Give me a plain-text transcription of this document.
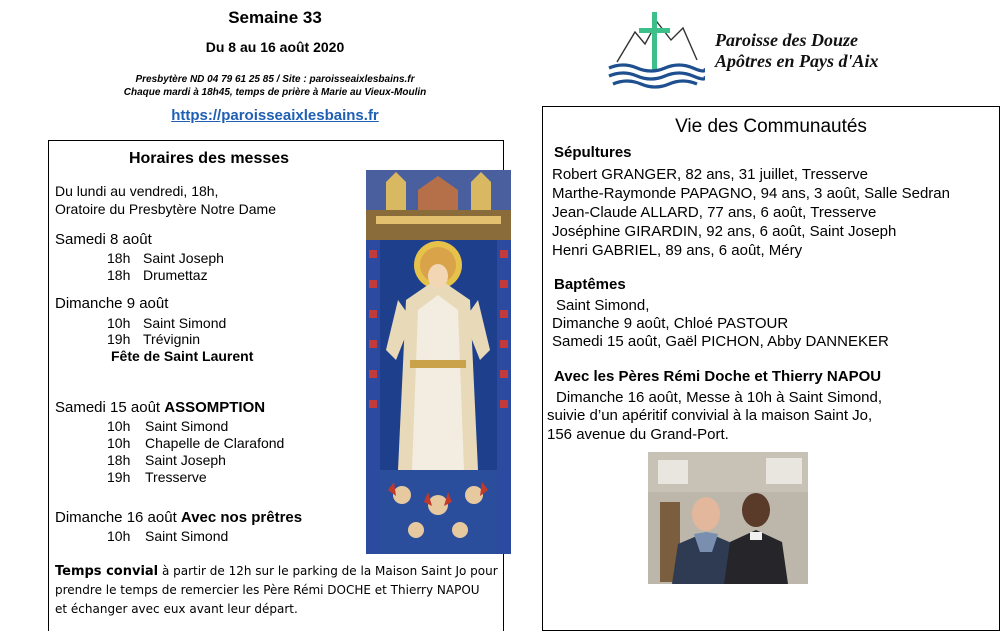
Semaine 33
Du 8 au 16 août 2020
Presbytère ND 04 79 61 25 85 / Site : paroisseaixlesbains.fr
Chaque mardi à 18h45, temps de prière à Marie au Vieux-Moulin
https://paroisseaixlesbains.fr
Paroisse des Douze
Apôtres en Pays d'Aix
Horaires des messes
Du lundi au vendredi, 18h,
Oratoire du Presbytère Notre Dame
Samedi 8 août
18h Saint Joseph
18h Drumettaz
Dimanche 9 août
10h Saint Simond
19h Trévignin
Fête de Saint Laurent
Samedi 15 août ASSOMPTION
10h Saint Simond
10h Chapelle de Clarafond
18h Saint Joseph
19h Tresserve
Dimanche 16 août Avec nos prêtres
10h Saint Simond
Temps convial à partir de 12h sur le parking de la Maison Saint Jo pour
prendre le temps de remercier les Père Rémi DOCHE et Thierry NAPOU
et échanger avec eux avant leur départ.
Vie des Communautés
Sépultures
Robert GRANGER, 82 ans, 31 juillet, Tresserve
Marthe-Raymonde PAPAGNO, 94 ans, 3 août, Salle Sedran
Jean-Claude ALLARD, 77 ans, 6 août, Tresserve
Joséphine GIRARDIN, 92 ans, 6 août, Saint Joseph
Henri GABRIEL, 89 ans, 6 août, Méry
Baptêmes
Saint Simond,
Dimanche 9 août, Chloé PASTOUR
Samedi 15 août, Gaël PICHON, Abby DANNEKER
Avec les Pères Rémi Doche et Thierry NAPOU
Dimanche 16 août, Messe à 10h à Saint Simond,
suivie d’un apéritif convivial à la maison Saint Jo,
156 avenue du Grand-Port.
